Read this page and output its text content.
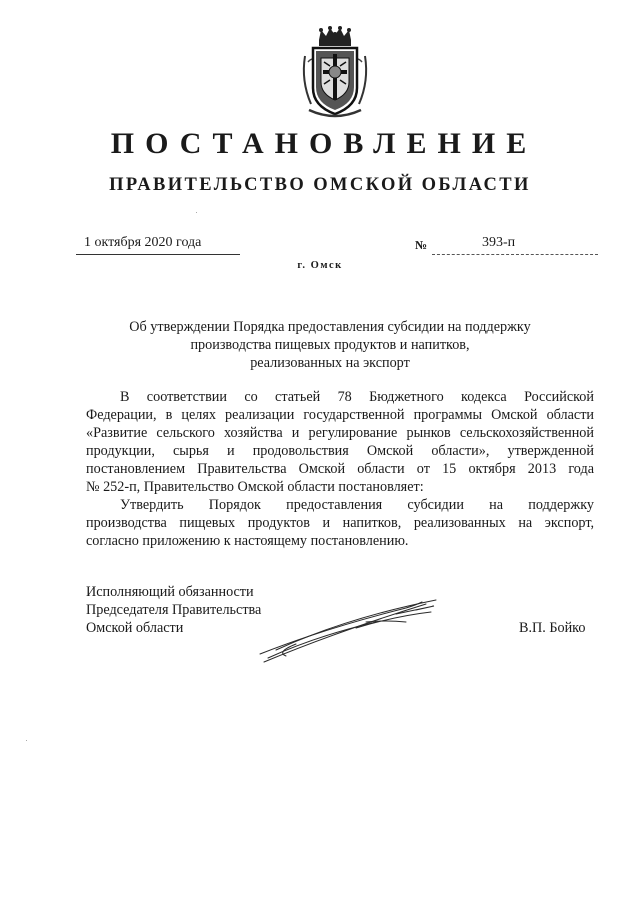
ПОСТАНОВЛЕНИЕ
ПРАВИТЕЛЬСТВО ОМСКОЙ ОБЛАСТИ
1 октября 2020 года	№	393-п
г. Омск
Об утверждении Порядка предоставления субсидии на поддержку
производства пищевых продуктов и напитков,
реализованных на экспорт
В соответствии со статьей 78 Бюджетного кодекса Российской
Федерации, в целях реализации государственной программы Омской области
«Развитие сельского хозяйства и регулирование рынков сельскохозяйственной
продукции, сырья и продовольствия Омской области», утвержденной
постановлением Правительства Омской области от 15 октября 2013 года
№ 252-п, Правительство Омской области постановляет:
Утвердить Порядок предоставления субсидии на поддержку
производства пищевых продуктов и напитков, реализованных на экспорт,
согласно приложению к настоящему постановлению.
Исполняющий обязанности
Председателя Правительства
Омской области	В.П. Бойко
